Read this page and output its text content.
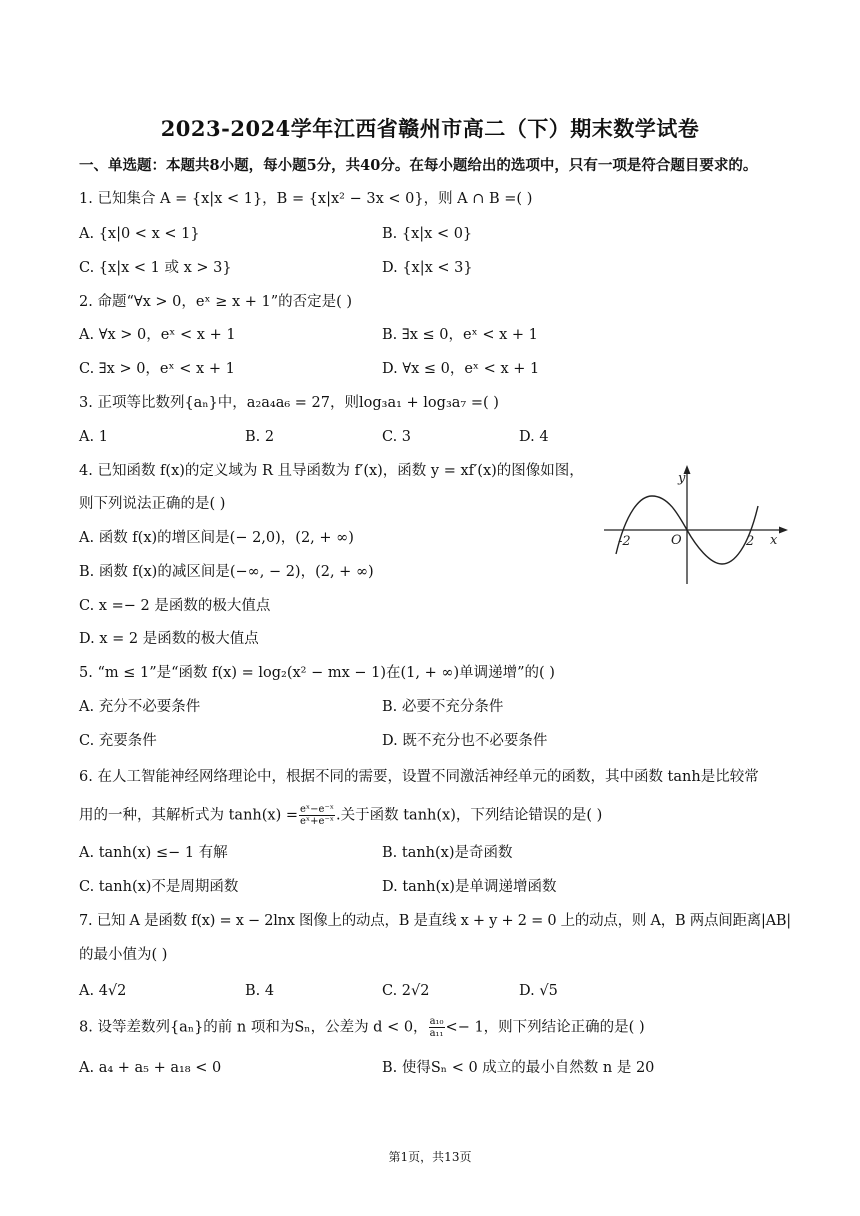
2023-2024学年江西省赣州市高二（下）期末数学试卷
一、单选题：本题共8小题，每小题5分，共40分。在每小题给出的选项中，只有一项是符合题目要求的。
1. 已知集合 A = {x|x < 1}，B = {x|x² − 3x < 0}，则 A ∩ B =( )
A. {x|0 < x < 1}	B. {x|x < 0}
C. {x|x < 1 或 x > 3}	D. {x|x < 3}
2. 命题“∀x > 0，eˣ ≥ x + 1”的否定是( )
A. ∀x > 0，eˣ < x + 1	B. ∃x ≤ 0，eˣ < x + 1
C. ∃x > 0，eˣ < x + 1	D. ∀x ≤ 0，eˣ < x + 1
3. 正项等比数列{aₙ}中，a₂a₄a₆ = 27，则log₃a₁ + log₃a₇ =( )
A. 1	B. 2	C. 3	D. 4
4. 已知函数 f(x)的定义域为 R 且导函数为 f′(x)，函数 y = xf′(x)的图像如图，
则下列说法正确的是( )
A. 函数 f(x)的增区间是(− 2,0)，(2, + ∞)
B. 函数 f(x)的减区间是(−∞, − 2)，(2, + ∞)
C. x =− 2 是函数的极大值点
D. x = 2 是函数的极大值点
y
x
O
-2	2
5. “m ≤ 1”是“函数 f(x) = log₂(x² − mx − 1)在(1, + ∞)单调递增”的( )
A. 充分不必要条件	B. 必要不充分条件
C. 充要条件	D. 既不充分也不必要条件
6. 在人工智能神经网络理论中，根据不同的需要，设置不同激活神经单元的函数，其中函数 tanh是比较常
用的一种，其解析式为 $\tanh(x) = \frac{\text{eˣ−e⁻ˣ}}{\text{eˣ+e⁻ˣ}}$ .关于函数 tanh(x)，下列结论错误的是( )
A. tanh(x) ≤− 1 有解	B. tanh(x)是奇函数
C. tanh(x)不是周期函数	D. tanh(x)是单调递增函数
7. 已知 A 是函数 f(x) = x − 2lnx 图像上的动点，B 是直线 x + y + 2 = 0 上的动点，则 A，B 两点间距离|AB|
的最小值为( )
A. 4√2	B. 4	C. 2√2	D. √5
8. 设等差数列{aₙ}的前 n 项和为Sₙ，公差为 d < 0， $\frac{\text{a₁₀}}{\text{a₁₁}} <- 1$，则下列结论正确的是( )
A. a₄ + a₅ + a₁₈ < 0	B. 使得Sₙ < 0 成立的最小自然数 n 是 20
第1页，共13页
